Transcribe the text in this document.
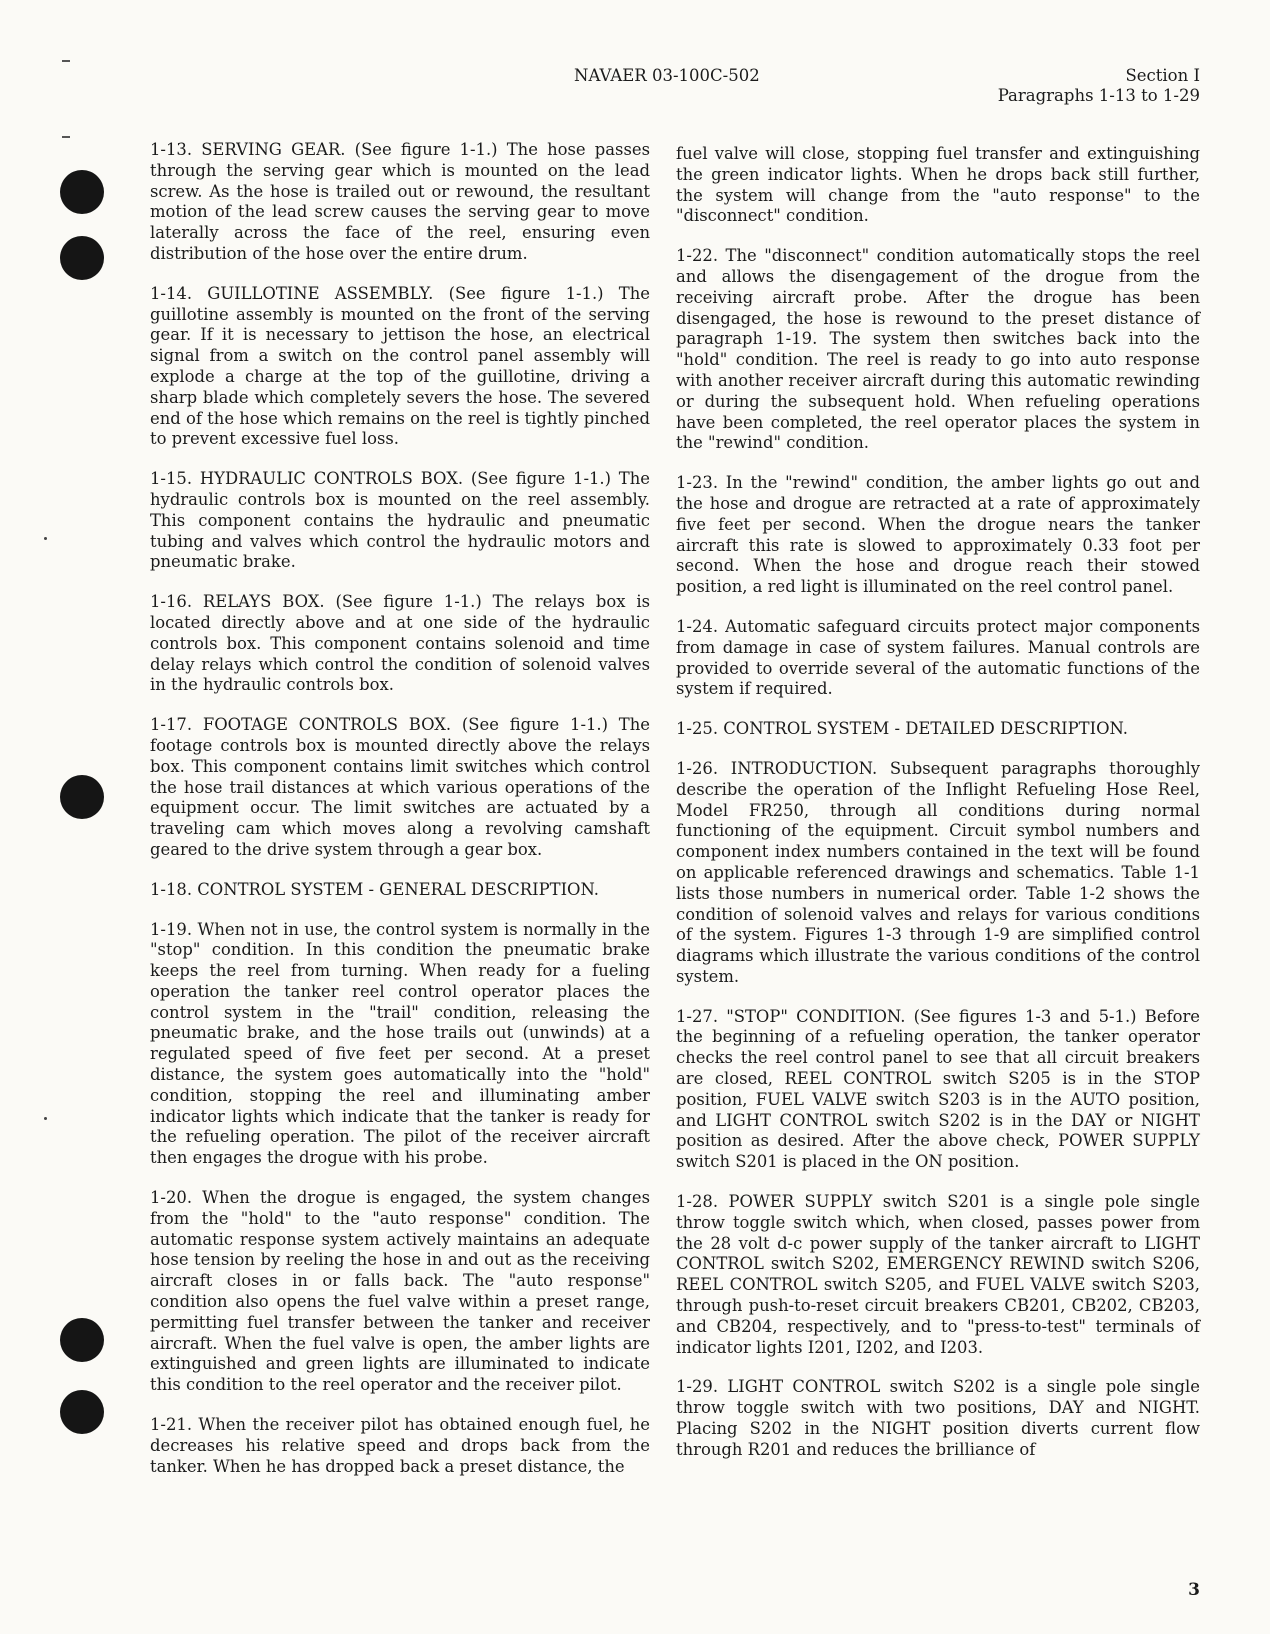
NAVAER 03-100C-502	Section I
Paragraphs 1-13 to 1-29

1-13. SERVING GEAR. (See figure 1-1.) The hose passes through the serving gear which is mounted on the lead screw. As the hose is trailed out or rewound, the resultant motion of the lead screw causes the serving gear to move laterally across the face of the reel, ensuring even distribution of the hose over the entire drum.

1-14. GUILLOTINE ASSEMBLY. (See figure 1-1.) The guillotine assembly is mounted on the front of the serving gear. If it is necessary to jettison the hose, an electrical signal from a switch on the control panel assembly will explode a charge at the top of the guillotine, driving a sharp blade which completely severs the hose. The severed end of the hose which remains on the reel is tightly pinched to prevent excessive fuel loss.

1-15. HYDRAULIC CONTROLS BOX. (See figure 1-1.) The hydraulic controls box is mounted on the reel assembly. This component contains the hydraulic and pneumatic tubing and valves which control the hydraulic motors and pneumatic brake.

1-16. RELAYS BOX. (See figure 1-1.) The relays box is located directly above and at one side of the hydraulic controls box. This component contains solenoid and time delay relays which control the condition of solenoid valves in the hydraulic controls box.

1-17. FOOTAGE CONTROLS BOX. (See figure 1-1.) The footage controls box is mounted directly above the relays box. This component contains limit switches which control the hose trail distances at which various operations of the equipment occur. The limit switches are actuated by a traveling cam which moves along a revolving camshaft geared to the drive system through a gear box.

1-18. CONTROL SYSTEM - GENERAL DESCRIPTION.

1-19. When not in use, the control system is normally in the "stop" condition. In this condition the pneumatic brake keeps the reel from turning. When ready for a fueling operation the tanker reel control operator places the control system in the "trail" condition, releasing the pneumatic brake, and the hose trails out (unwinds) at a regulated speed of five feet per second. At a preset distance, the system goes automatically into the "hold" condition, stopping the reel and illuminating amber indicator lights which indicate that the tanker is ready for the refueling operation. The pilot of the receiver aircraft then engages the drogue with his probe.

1-20. When the drogue is engaged, the system changes from the "hold" to the "auto response" condition. The automatic response system actively maintains an adequate hose tension by reeling the hose in and out as the receiving aircraft closes in or falls back. The "auto response" condition also opens the fuel valve within a preset range, permitting fuel transfer between the tanker and receiver aircraft. When the fuel valve is open, the amber lights are extinguished and green lights are illuminated to indicate this condition to the reel operator and the receiver pilot.

1-21. When the receiver pilot has obtained enough fuel, he decreases his relative speed and drops back from the tanker. When he has dropped back a preset distance, the

fuel valve will close, stopping fuel transfer and extinguishing the green indicator lights. When he drops back still further, the system will change from the "auto response" to the "disconnect" condition.

1-22. The "disconnect" condition automatically stops the reel and allows the disengagement of the drogue from the receiving aircraft probe. After the drogue has been disengaged, the hose is rewound to the preset distance of paragraph 1-19. The system then switches back into the "hold" condition. The reel is ready to go into auto response with another receiver aircraft during this automatic rewinding or during the subsequent hold. When refueling operations have been completed, the reel operator places the system in the "rewind" condition.

1-23. In the "rewind" condition, the amber lights go out and the hose and drogue are retracted at a rate of approximately five feet per second. When the drogue nears the tanker aircraft this rate is slowed to approximately 0.33 foot per second. When the hose and drogue reach their stowed position, a red light is illuminated on the reel control panel.

1-24. Automatic safeguard circuits protect major components from damage in case of system failures. Manual controls are provided to override several of the automatic functions of the system if required.

1-25. CONTROL SYSTEM - DETAILED DESCRIPTION.

1-26. INTRODUCTION. Subsequent paragraphs thoroughly describe the operation of the Inflight Refueling Hose Reel, Model FR250, through all conditions during normal functioning of the equipment. Circuit symbol numbers and component index numbers contained in the text will be found on applicable referenced drawings and schematics. Table 1-1 lists those numbers in numerical order. Table 1-2 shows the condition of solenoid valves and relays for various conditions of the system. Figures 1-3 through 1-9 are simplified control diagrams which illustrate the various conditions of the control system.

1-27. "STOP" CONDITION. (See figures 1-3 and 5-1.) Before the beginning of a refueling operation, the tanker operator checks the reel control panel to see that all circuit breakers are closed, REEL CONTROL switch S205 is in the STOP position, FUEL VALVE switch S203 is in the AUTO position, and LIGHT CONTROL switch S202 is in the DAY or NIGHT position as desired. After the above check, POWER SUPPLY switch S201 is placed in the ON position.

1-28. POWER SUPPLY switch S201 is a single pole single throw toggle switch which, when closed, passes power from the 28 volt d-c power supply of the tanker aircraft to LIGHT CONTROL switch S202, EMERGENCY REWIND switch S206, REEL CONTROL switch S205, and FUEL VALVE switch S203, through push-to-reset circuit breakers CB201, CB202, CB203, and CB204, respectively, and to "press-to-test" terminals of indicator lights I201, I202, and I203.

1-29. LIGHT CONTROL switch S202 is a single pole single throw toggle switch with two positions, DAY and NIGHT. Placing S202 in the NIGHT position diverts current flow through R201 and reduces the brilliance of

3
